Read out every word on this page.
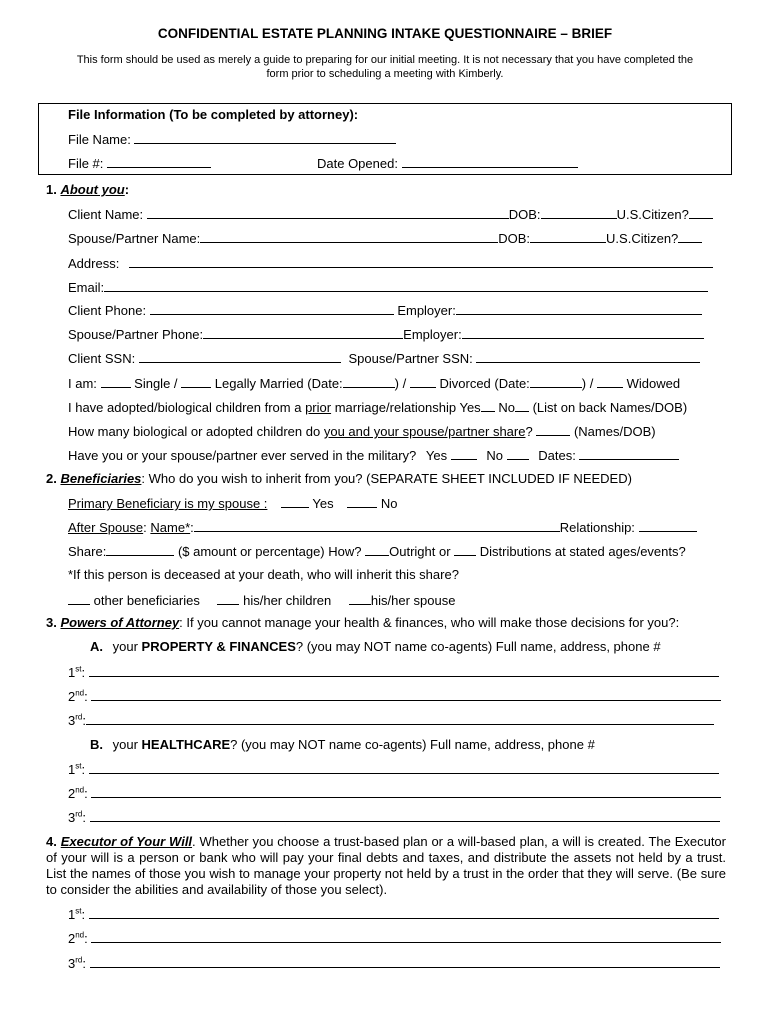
CONFIDENTIAL ESTATE PLANNING INTAKE QUESTIONNAIRE – BRIEF
This form should be used as merely a guide to preparing for our initial meeting. It is not necessary that you have completed the form prior to scheduling a meeting with Kimberly.
File Information (To be completed by attorney):
File Name:
File #:	Date Opened:
1. About you:
Client Name:	DOB:	U.S.Citizen?
Spouse/Partner Name:	DOB:	U.S.Citizen?
Address:
Email:
Client Phone:	Employer:
Spouse/Partner Phone:	Employer:
Client SSN:	Spouse/Partner SSN:
I am:	Single /	Legally Married (Date:	) /	Divorced (Date:	) /	Widowed
I have adopted/biological children from a prior marriage/relationship Yes No (List on back Names/DOB)
How many biological or adopted children do you and your spouse/partner share?	(Names/DOB)
Have you or your spouse/partner ever served in the military? Yes	No	Dates:
2. Beneficiaries: Who do you wish to inherit from you? (SEPARATE SHEET INCLUDED IF NEEDED)
Primary Beneficiary is my spouse :	Yes	No
After Spouse: Name*:	Relationship:
Share:	($ amount or percentage) How? Outright or Distributions at stated ages/events?
*If this person is deceased at your death, who will inherit this share?
other beneficiaries	his/her children	his/her spouse
3. Powers of Attorney: If you cannot manage your health & finances, who will make those decisions for you?:
A. your PROPERTY & FINANCES? (you may NOT name co-agents) Full name, address, phone #
1st:
2nd:
3rd:
B. your HEALTHCARE? (you may NOT name co-agents) Full name, address, phone #
1st:
2nd:
3rd:
4. Executor of Your Will. Whether you choose a trust-based plan or a will-based plan, a will is created. The Executor of your will is a person or bank who will pay your final debts and taxes, and distribute the assets not held by a trust. List the names of those you wish to manage your property not held by a trust in the order that they will serve. (Be sure to consider the abilities and availability of those you select).
1st:
2nd:
3rd:
